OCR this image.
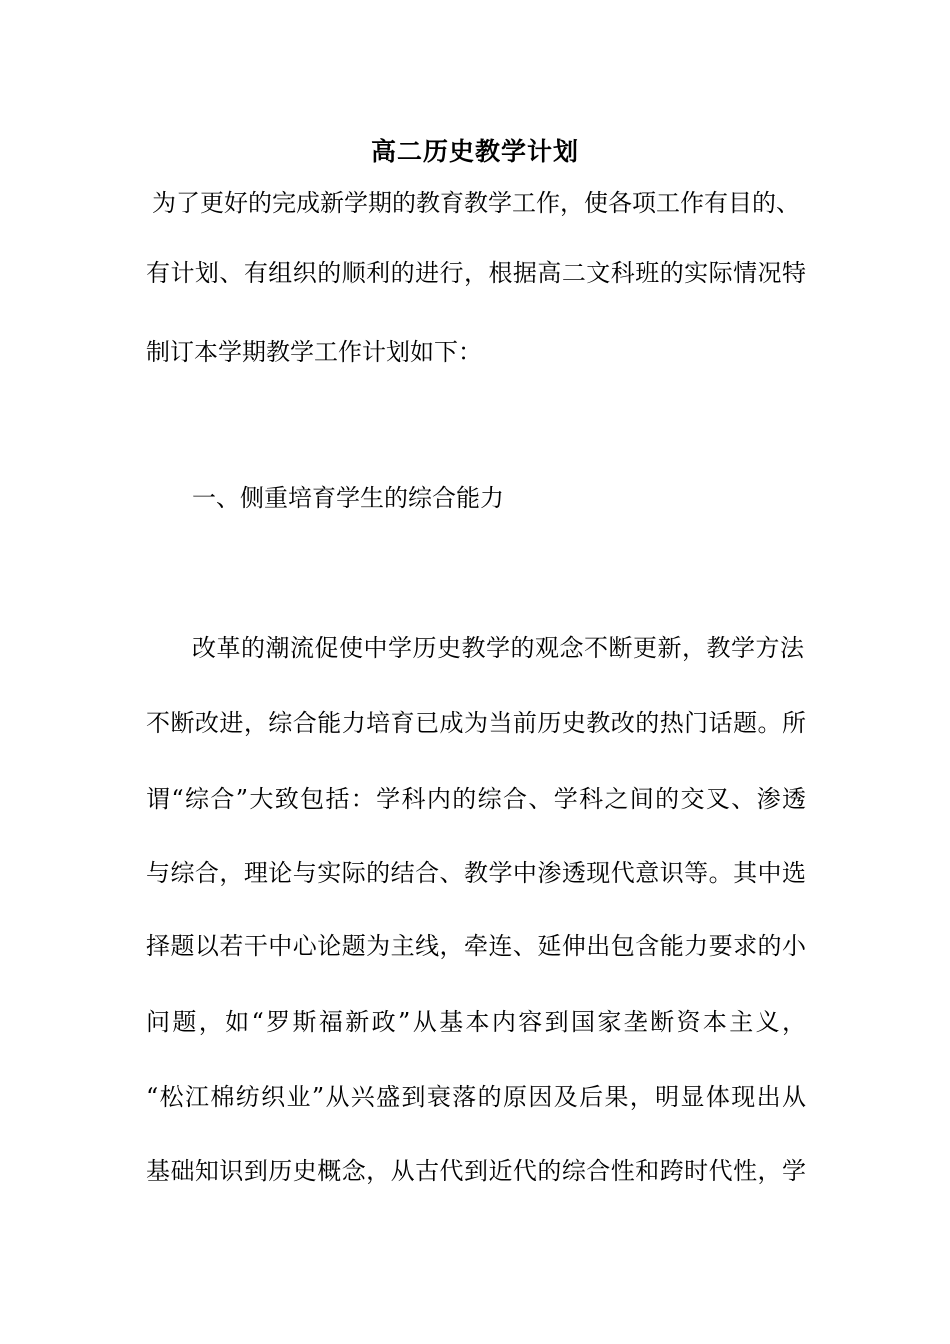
高二历史教学计划
为了更好的完成新学期的教育教学工作，使各项工作有目的、
有计划、有组织的顺利的进行，根据高二文科班的实际情况特
制订本学期教学工作计划如下：
一、侧重培育学生的综合能力
改革的潮流促使中学历史教学的观念不断更新，教学方法
不断改进，综合能力培育已成为当前历史教改的热门话题。所
谓“综合”大致包括：学科内的综合、学科之间的交叉、渗透
与综合，理论与实际的结合、教学中渗透现代意识等。其中选
择题以若干中心论题为主线，牵连、延伸出包含能力要求的小
问题，如“罗斯福新政”从基本内容到国家垄断资本主义，
“松江棉纺织业”从兴盛到衰落的原因及后果，明显体现出从
基础知识到历史概念，从古代到近代的综合性和跨时代性，学
